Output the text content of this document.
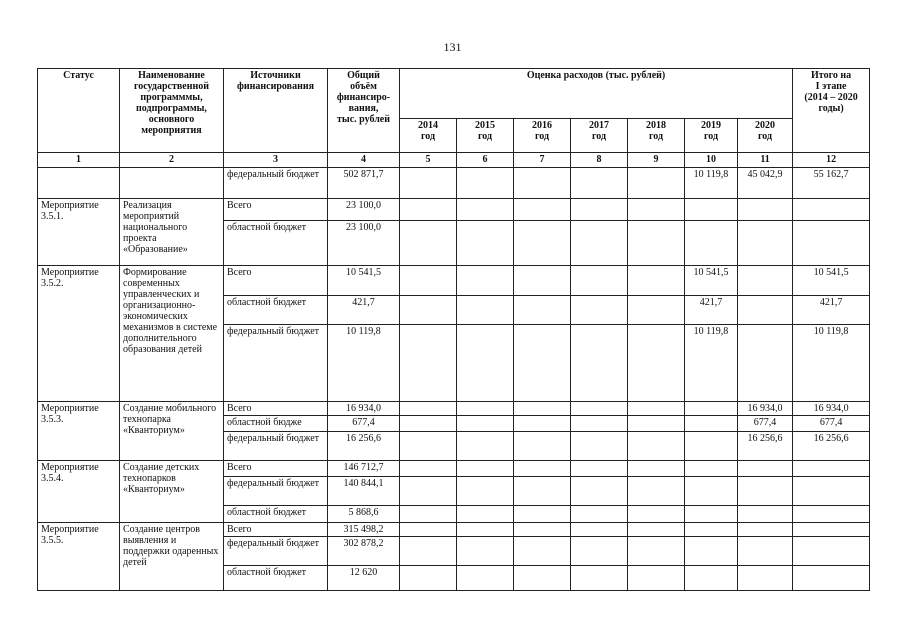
131
Статус	Наименование государственной программмы, подпрограммы, основного мероприятия	Источники финансирования	Общий
объём
финансиро-
вания,
тыс. рублей	Оценка расходов (тыс. рублей)							Итого на
I этапе
(2014 – 2020
годы)
				2014
год	2015
год	2016
год	2017
год	2018
год	2019
год	2020
год	
1	2	3	4	5	6	7	8	9	10	11	12
		федеральный бюджет	502 871,7						10 119,8	45 042,9	55 162,7
Мероприятие 3.5.1.	Реализация мероприятий национального проекта «Образование»	Всего	23 100,0								
		областной бюджет	23 100,0								
Мероприятие 3.5.2.	Формирование современных управленческих и организационно-экономических механизмов в системе дополнительного образования детей	Всего	10 541,5						10 541,5		10 541,5
		областной бюджет	421,7						421,7		421,7
		федеральный бюджет	10 119,8						10 119,8		10 119,8
Мероприятие 3.5.3.	Создание мобильного технопарка «Кванториум»	Всего	16 934,0							16 934,0	16 934,0
		областной бюдже	677,4							677,4	677,4
		федеральный бюджет	16 256,6							16 256,6	16 256,6
Мероприятие 3.5.4.	Создание детских технопарков «Кванториум»	Всего	146 712,7								
		федеральный бюджет	140 844,1								
		областной бюджет	5 868,6								
Мероприятие 3.5.5.	Создание центров выявления и поддержки одаренных детей	Всего	315 498,2								
		федеральный бюджет	302 878,2								
		областной бюджет	12 620								
